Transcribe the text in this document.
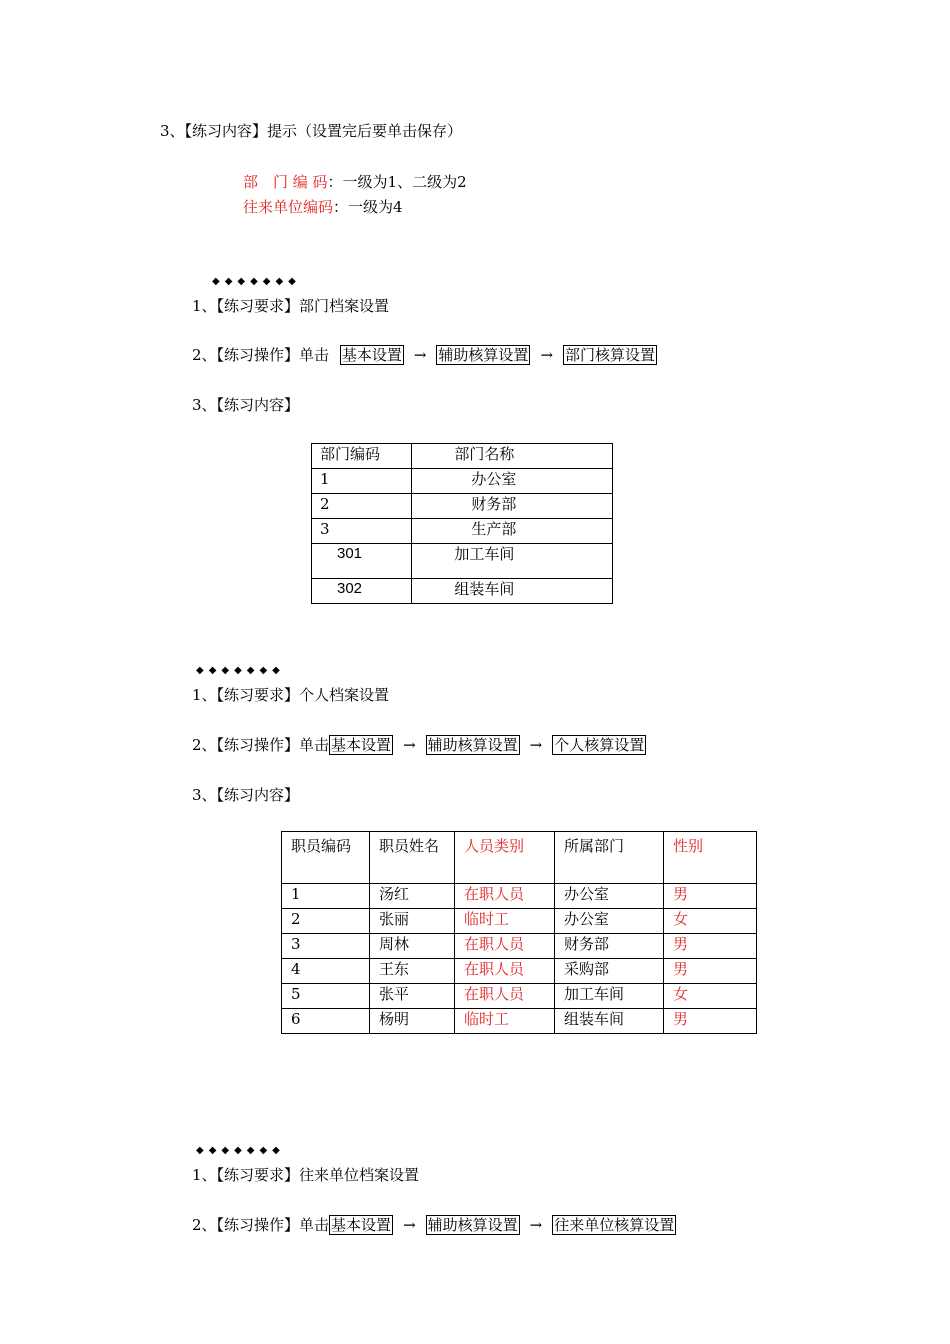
3、【练习内容】提示（设置完后要单击保存）
部　门 编 码：一级为1、二级为2
往来单位编码：一级为4
◆◆◆◆◆◆◆
1、【练习要求】部门档案设置
2、【练习操作】单击 基本设置 → 辅助核算设置 → 部门核算设置
3、【练习内容】
部门编码	部门名称
1	办公室
2	财务部
3	生产部
301	加工车间
302	组装车间
◆◆◆◆◆◆◆
1、【练习要求】个人档案设置
2、【练习操作】单击 基本设置 → 辅助核算设置 → 个人核算设置
3、【练习内容】
职员编码	职员姓名	人员类别	所属部门	性别
1	汤红	在职人员	办公室	男
2	张丽	临时工	办公室	女
3	周林	在职人员	财务部	男
4	王东	在职人员	采购部	男
5	张平	在职人员	加工车间	女
6	杨明	临时工	组装车间	男
◆◆◆◆◆◆◆
1、【练习要求】往来单位档案设置
2、【练习操作】单击 基本设置 → 辅助核算设置 → 往来单位核算设置
